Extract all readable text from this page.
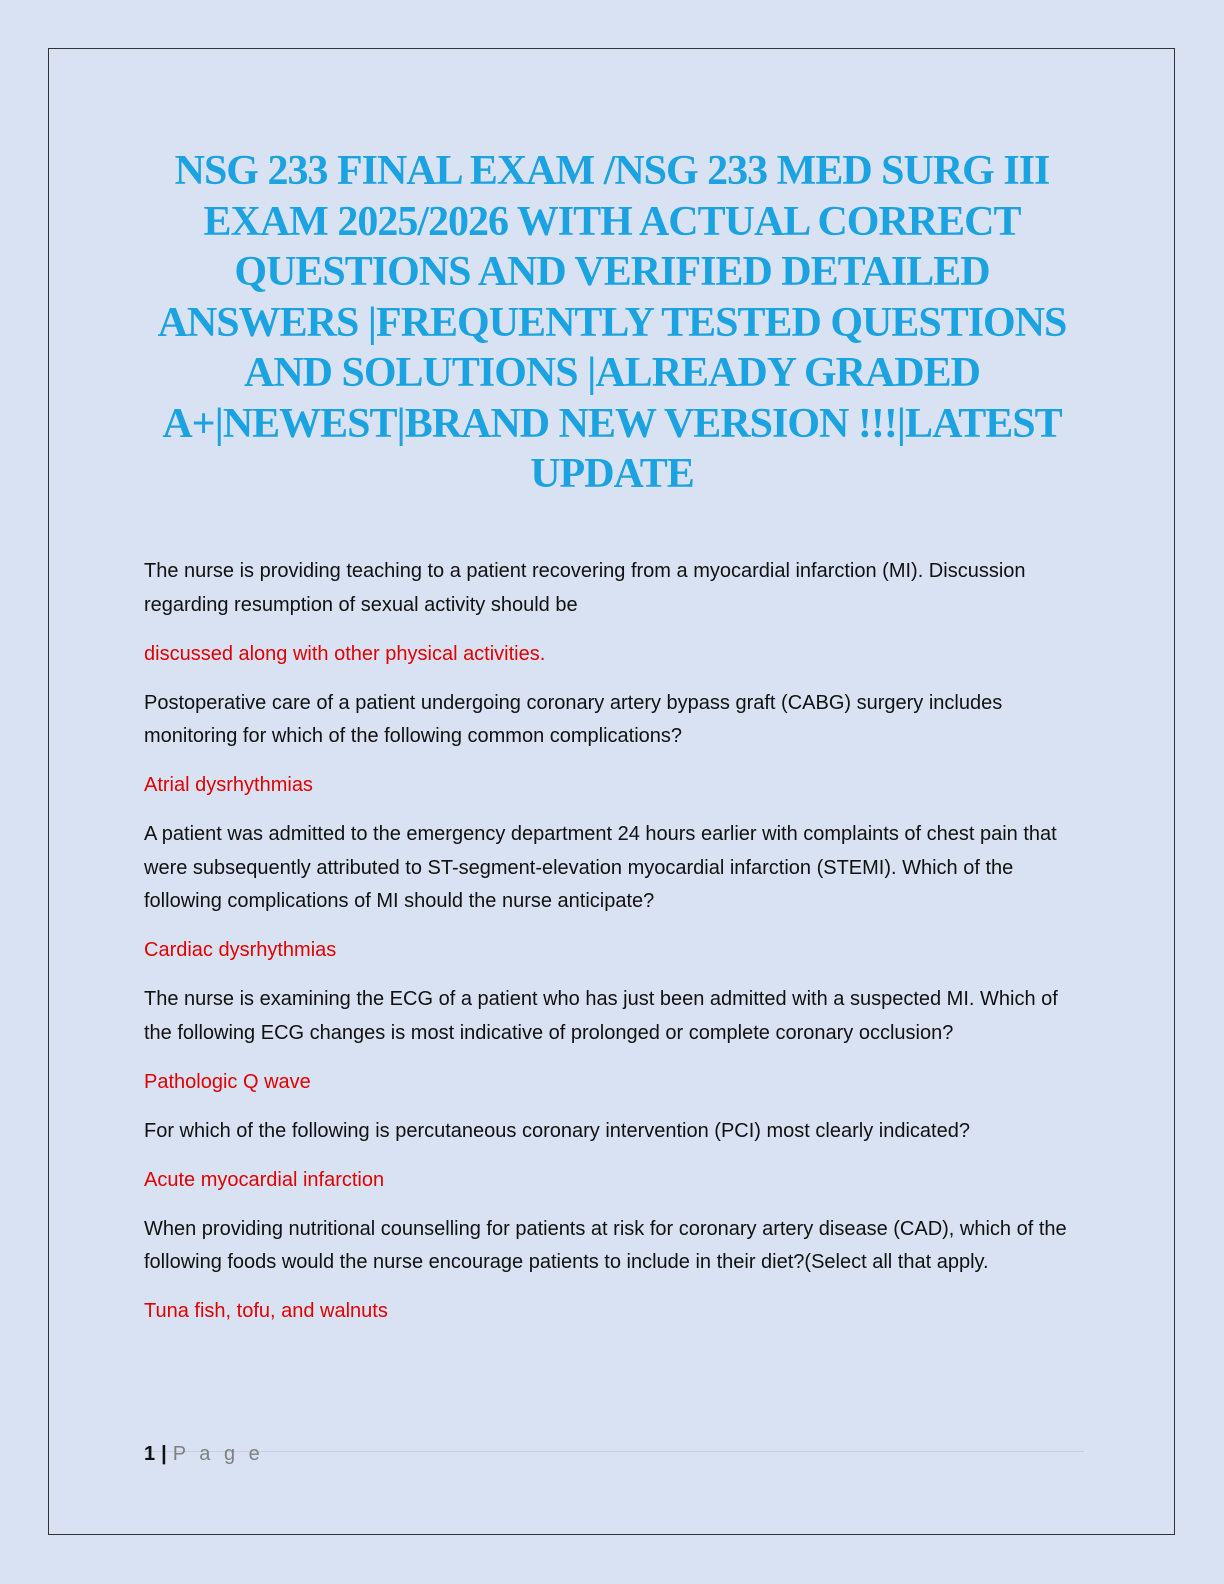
NSG 233 FINAL EXAM /NSG 233 MED SURG III EXAM 2025/2026 WITH ACTUAL CORRECT QUESTIONS AND VERIFIED DETAILED ANSWERS |FREQUENTLY TESTED QUESTIONS AND SOLUTIONS |ALREADY GRADED A+|NEWEST|BRAND NEW VERSION !!!|LATEST UPDATE

The nurse is providing teaching to a patient recovering from a myocardial infarction (MI). Discussion regarding resumption of sexual activity should be

discussed along with other physical activities.

Postoperative care of a patient undergoing coronary artery bypass graft (CABG) surgery includes monitoring for which of the following common complications?

Atrial dysrhythmias

A patient was admitted to the emergency department 24 hours earlier with complaints of chest pain that were subsequently attributed to ST-segment-elevation myocardial infarction (STEMI). Which of the following complications of MI should the nurse anticipate?

Cardiac dysrhythmias

The nurse is examining the ECG of a patient who has just been admitted with a suspected MI. Which of the following ECG changes is most indicative of prolonged or complete coronary occlusion?

Pathologic Q wave

For which of the following is percutaneous coronary intervention (PCI) most clearly indicated?

Acute myocardial infarction

When providing nutritional counselling for patients at risk for coronary artery disease (CAD), which of the following foods would the nurse encourage patients to include in their diet?(Select all that apply.

Tuna fish, tofu, and walnuts

1 | P a g e
